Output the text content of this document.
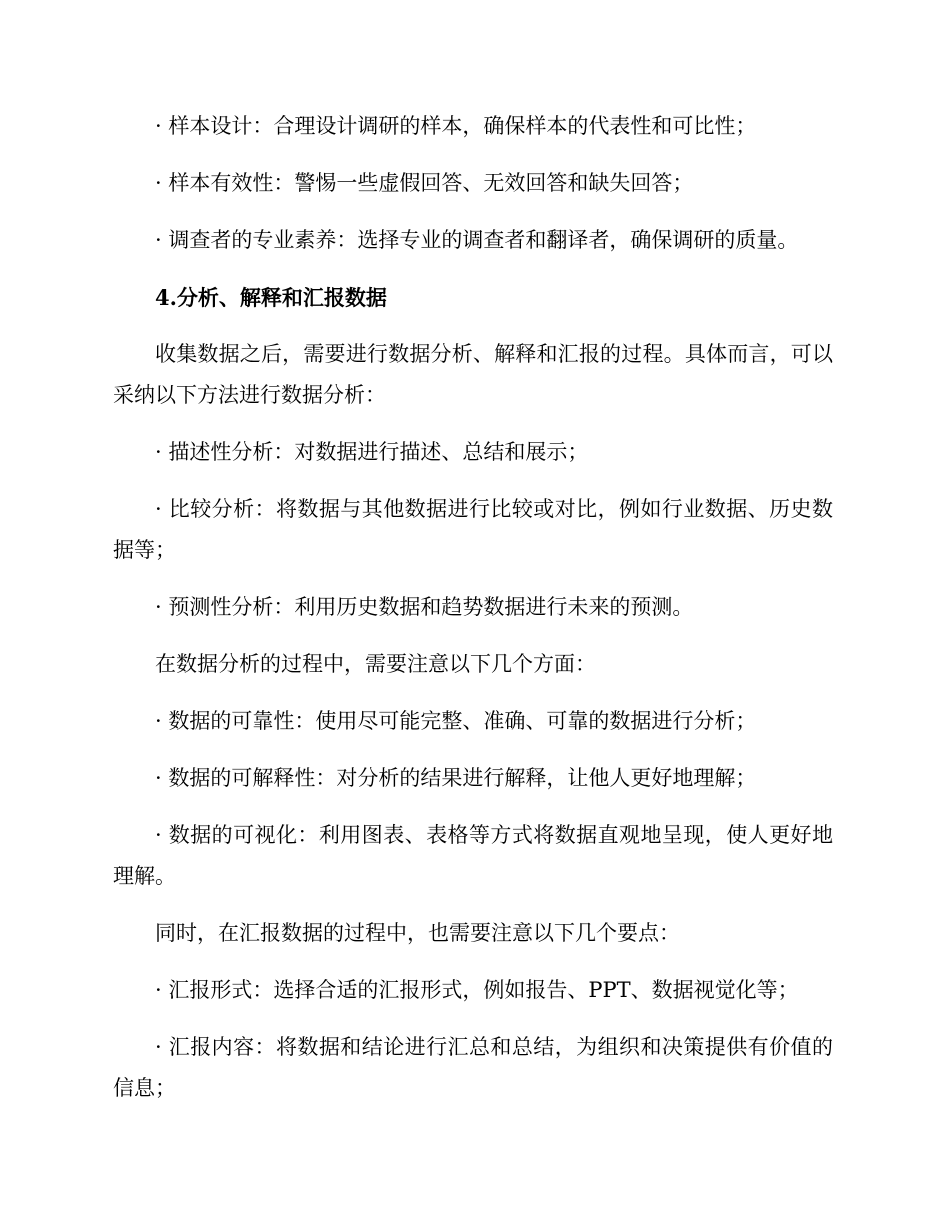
· 样本设计：合理设计调研的样本，确保样本的代表性和可比性；

· 样本有效性：警惕一些虚假回答、无效回答和缺失回答；

· 调查者的专业素养：选择专业的调查者和翻译者，确保调研的质量。

4.分析、解释和汇报数据

收集数据之后，需要进行数据分析、解释和汇报的过程。具体而言，可以采纳以下方法进行数据分析：

· 描述性分析：对数据进行描述、总结和展示；

· 比较分析：将数据与其他数据进行比较或对比，例如行业数据、历史数据等；

· 预测性分析：利用历史数据和趋势数据进行未来的预测。

在数据分析的过程中，需要注意以下几个方面：

· 数据的可靠性：使用尽可能完整、准确、可靠的数据进行分析；

· 数据的可解释性：对分析的结果进行解释，让他人更好地理解；

· 数据的可视化：利用图表、表格等方式将数据直观地呈现，使人更好地理解。

同时，在汇报数据的过程中，也需要注意以下几个要点：

· 汇报形式：选择合适的汇报形式，例如报告、PPT、数据视觉化等；

· 汇报内容：将数据和结论进行汇总和总结，为组织和决策提供有价值的信息；
